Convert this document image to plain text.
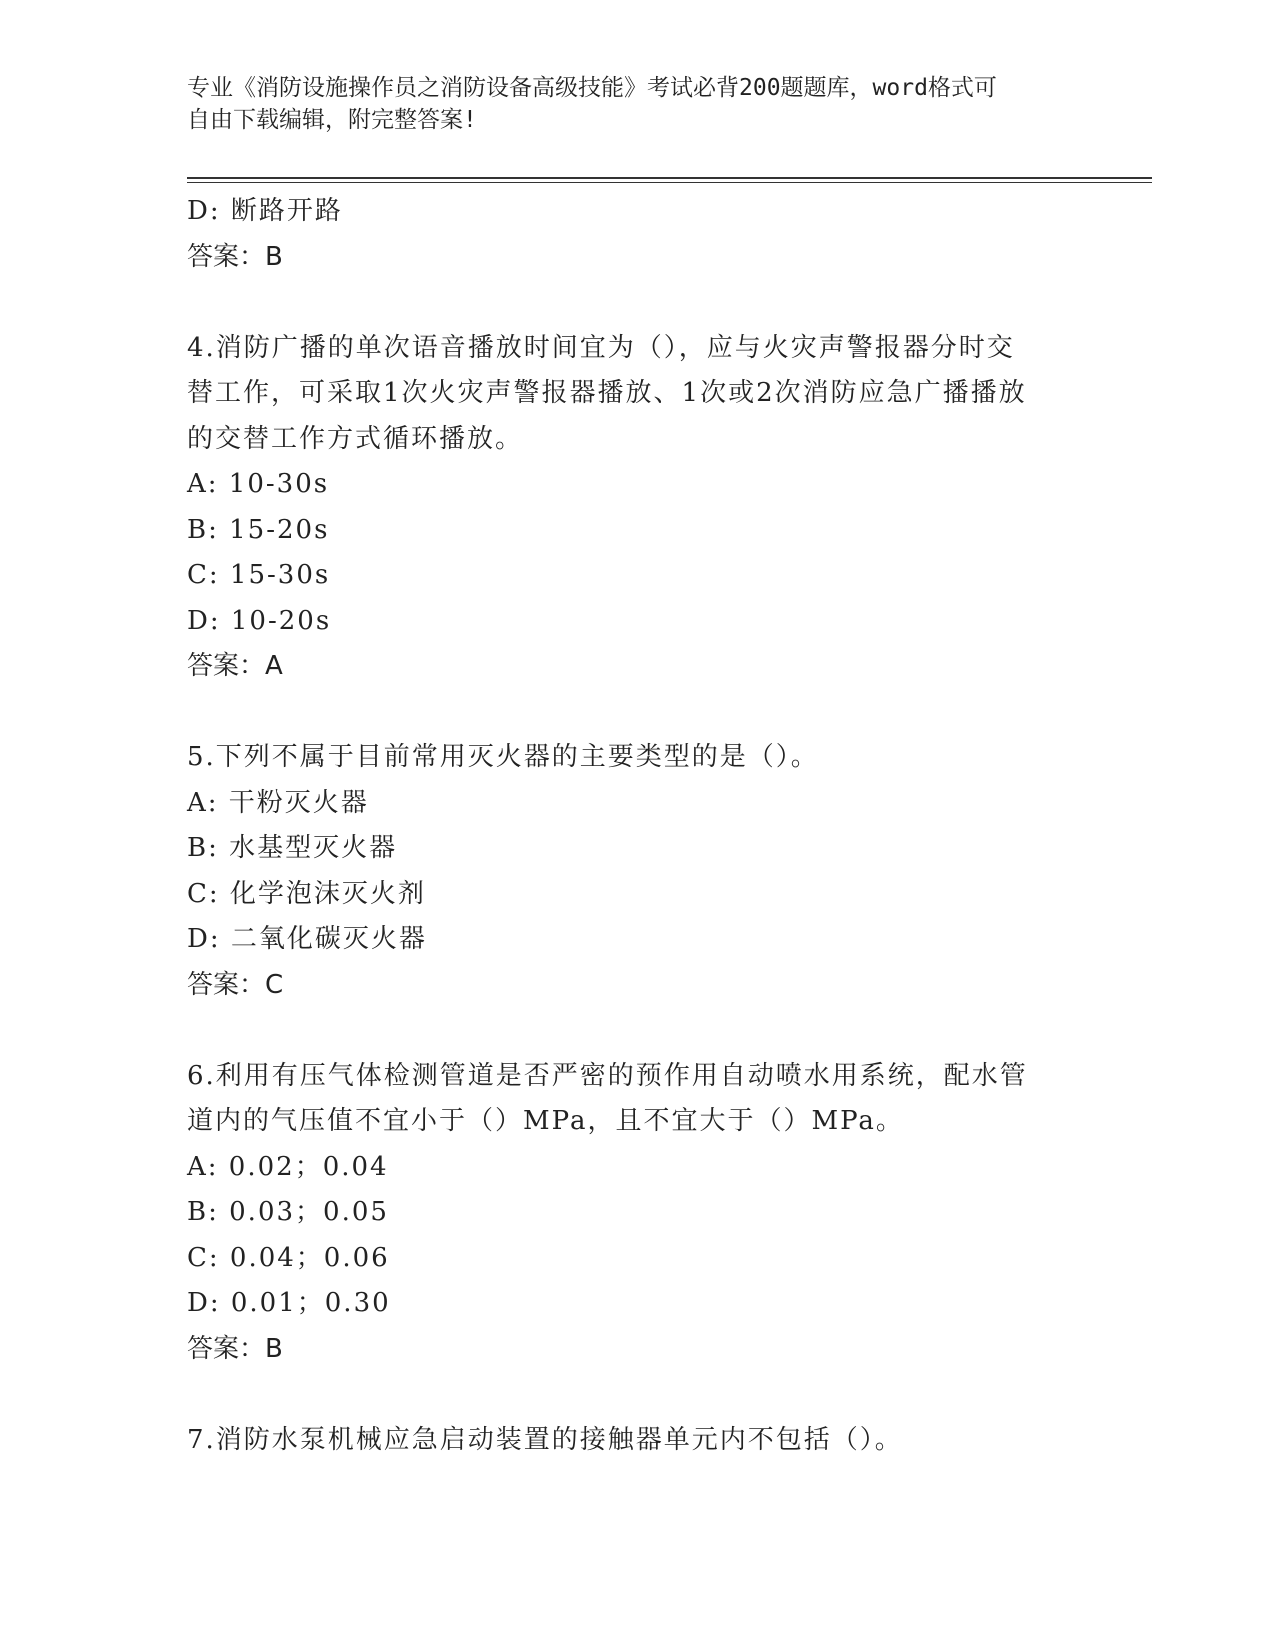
专业《消防设施操作员之消防设备高级技能》考试必背200题题库，word格式可
自由下载编辑，附完整答案!
D: 断路开路
答案：B
4.消防广播的单次语音播放时间宜为（），应与火灾声警报器分时交
替工作，可采取1次火灾声警报器播放、1次或2次消防应急广播播放
的交替工作方式循环播放。
A: 10-30s
B: 15-20s
C: 15-30s
D: 10-20s
答案：A
5.下列不属于目前常用灭火器的主要类型的是（）。
A: 干粉灭火器
B: 水基型灭火器
C: 化学泡沫灭火剂
D: 二氧化碳灭火器
答案：C
6.利用有压气体检测管道是否严密的预作用自动喷水用系统，配水管
道内的气压值不宜小于（）MPa，且不宜大于（）MPa。
A: 0.02；0.04
B: 0.03；0.05
C: 0.04；0.06
D: 0.01；0.30
答案：B
7.消防水泵机械应急启动装置的接触器单元内不包括（）。
